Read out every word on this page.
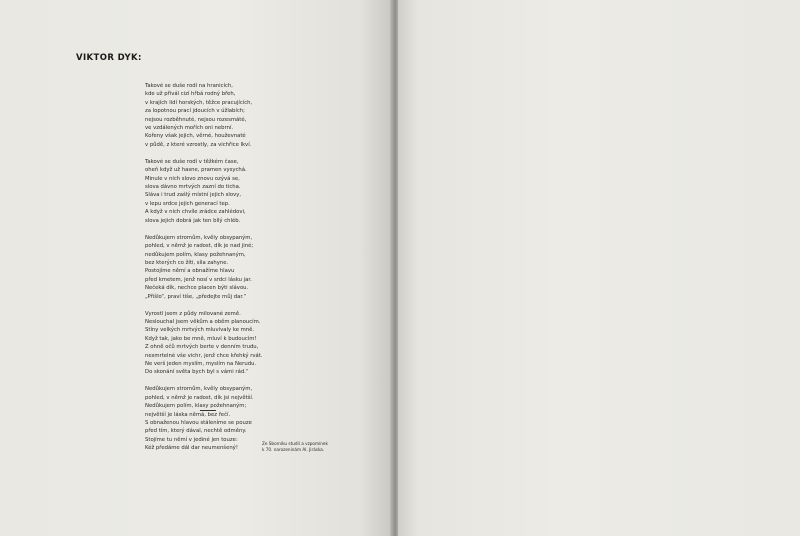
VIKTOR DYK:
Takové se duše rodí na hranicích,
kde už přivál cizí hřbá rodný břeh,
v krajích lidí horských, těžce pracujících,
za lopotnou prací jdoucích v úžlabích;
nejsou rozběhnuté, nejsou rozesmáté,
ve vzdálených mořích oni nebrní.
Kořeny však jejich, věrné, houževnaté
v půdě, z které vzrostly, za vichřice lkví.
Takové se duše rodí v těžkém čase,
oheň když už hasne, pramen vysychá.
Minule v nich slovo znovu ozývá se,
slova dávno mrtvých zazní do ticha.
Sláva i trud zašlý místní jejich slovy,
v lepu srdce jejich generací tep.
A když v nich chvíle zrádce zahlédovi,
slova jejich dobrá jak ten bílý chléb.
Nedůkujem stromům, kvěly obsypaným,
pohled, v němž je radost, dík je nad jiné;
nedůkujem polím, klasy požehnaným,
bez kterých co žíti, síla zahyne.
Postojíme němí a obnažíme hlavu
před kmetem, jenž nosí v srdci lásku jar.
Nečeká dík, nechce placen býti slávou.
„Přišlo“, praví tiše, „předejte můj dar.“
Vyrostl jsem z půdy milované země.
Neslouchal jsem věkům a oběm planoucím.
Stíny velkých mrtvých mluvívaly ke mně.
Když tak, jako be mně, mluví k budoucím!
Z ohně očů mrtvých berte v denním trudu,
nesmrtelné vše vichr, jenž chce křehký rvát.
Ne verš jeden myslím, myslím na Nerudu.
Do skonání světa bych byl s vámi rád.“
Nedůkujem stromům, kvěly obsypaným,
pohled, v němž je radost, dík jsi největší.
Nedůkujem polím, klasy požehnaným;
největší je láska němá, bez řečí.
S obnaženou hlavou stáleníme se pouze
před tím, který dával, nechtě odměny.
Stojíme tu němí v jediné jen touze:
Kéž předáme dál dar neumenšený!
Ze Sborníku studií a vzpomínek
k 70. narozeninám Al. Jiráska.
